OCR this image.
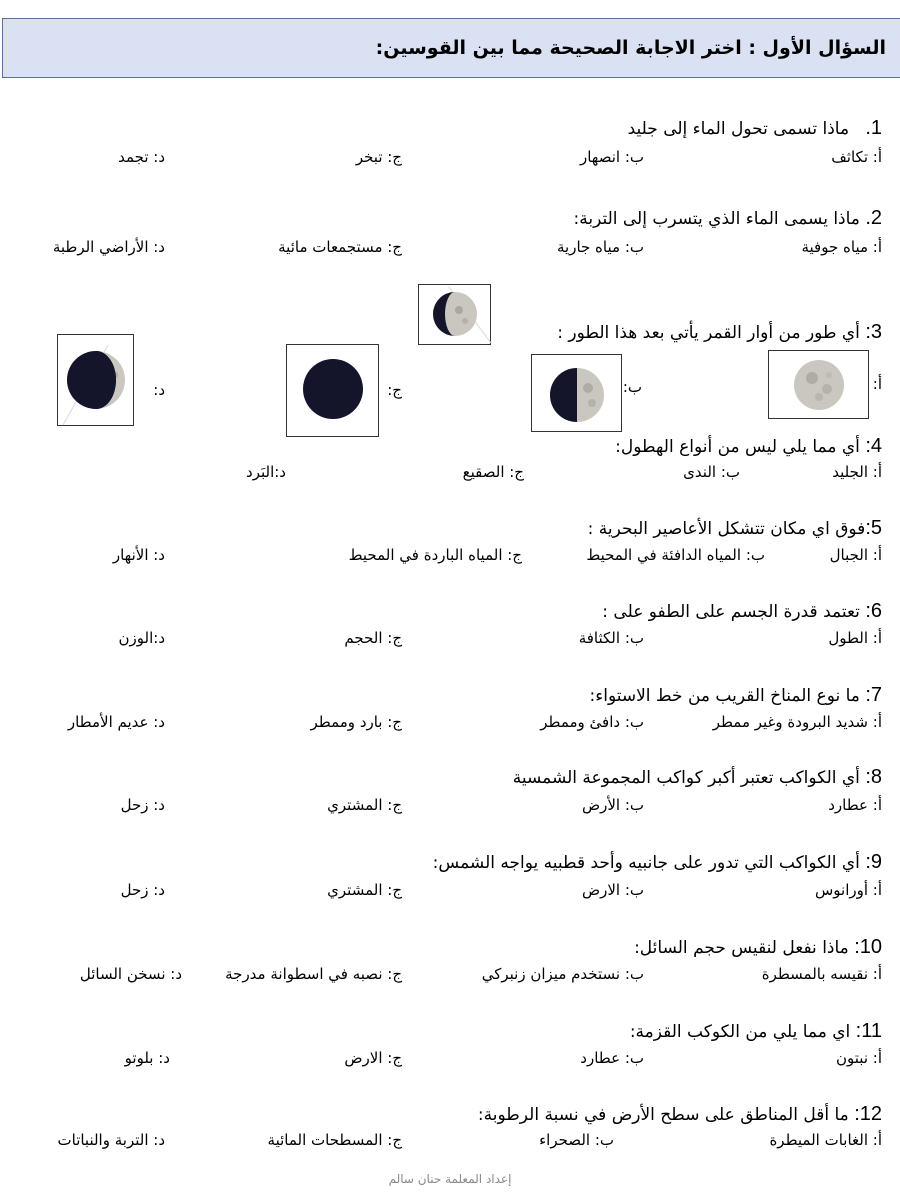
السؤال الأول : اختر الاجابة الصحيحة مما بين القوسين:
1.   ماذا تسمى تحول الماء إلى جليد
أ: تكاثف
ب: انصهار
ج: تبخر
د: تجمد
2. ماذا يسمى الماء الذي يتسرب إلى التربة:
أ: مياه جوفية
ب: مياه جارية
ج: مستجمعات مائية
د: الأراضي الرطبة
3: أي طور من أوار القمر يأتي بعد هذا الطور :
أ:
ب:
ج:
د:
4: أي مما يلي ليس من أنواع الهطول:
أ: الجليد
ب: الندى
ج: الصقيع
د:البَرد
5:فوق اي مكان تتشكل الأعاصير البحرية :
أ: الجبال
ب: المياه الدافئة في المحيط
ج: المياه الباردة في المحيط
د: الأنهار
6: تعتمد قدرة الجسم على الطفو على :
أ: الطول
ب: الكثافة
ج: الحجم
د:الوزن
7: ما نوع المناخ القريب من خط الاستواء:
أ: شديد البرودة وغير ممطر
ب: دافئ وممطر
ج: بارد وممطر
د: عديم الأمطار
8: أي الكواكب تعتبر أكبر كواكب المجموعة الشمسية
أ: عطارد
ب: الأرض
ج: المشتري
د: زحل
9: أي الكواكب التي تدور على جانبيه وأحد قطبيه يواجه الشمس:
أ: أورانوس
ب: الارض
ج: المشتري
د: زحل
10: ماذا نفعل لنقيس حجم السائل:
أ: نقيسه بالمسطرة
ب: نستخدم ميزان زنبركي
ج: نصبه في اسطوانة مدرجة
د: نسخن السائل
11: اي مما يلي من الكوكب القزمة:
أ: نبتون
ب: عطارد
ج: الارض
د: بلوتو
12: ما أقل المناطق على سطح الأرض في نسبة الرطوبة:
أ: الغابات الميطرة
ب: الصحراء
ج: المسطحات المائية
د: التربة والنباتات
إعداد المعلمة حنان سالم
